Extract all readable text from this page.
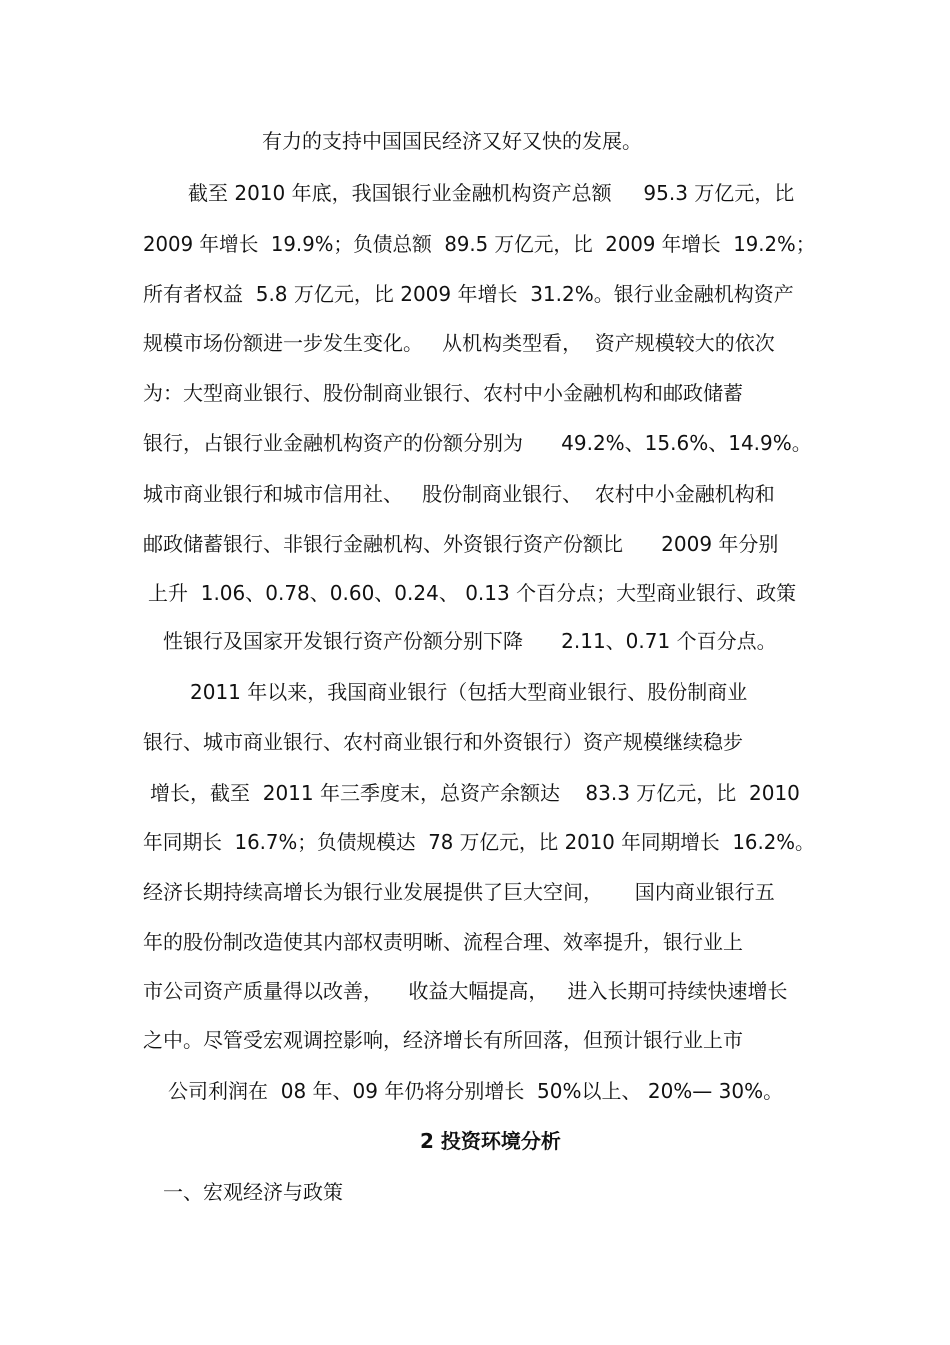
有力的支持中国国民经济又好又快的发展。
截至 2010 年底，我国银行业金融机构资产总额     95.3 万亿元，比
2009 年增长  19.9%；负债总额  89.5 万亿元，比  2009 年增长  19.2%；
所有者权益  5.8 万亿元，比 2009 年增长  31.2%。银行业金融机构资产
规模市场份额进一步发生变化。   从机构类型看，  资产规模较大的依次
为：大型商业银行、股份制商业银行、农村中小金融机构和邮政储蓄
银行，占银行业金融机构资产的份额分别为      49.2%、15.6%、14.9%。
城市商业银行和城市信用社、   股份制商业银行、  农村中小金融机构和
邮政储蓄银行、非银行金融机构、外资银行资产份额比      2009 年分别
上升  1.06、0.78、0.60、0.24、 0.13 个百分点；大型商业银行、政策
性银行及国家开发银行资产份额分别下降      2.11、0.71 个百分点。
2011 年以来，我国商业银行（包括大型商业银行、股份制商业
银行、城市商业银行、农村商业银行和外资银行）资产规模继续稳步
增长，截至  2011 年三季度末，总资产余额达    83.3 万亿元，比  2010
年同期长  16.7%；负债规模达  78 万亿元，比 2010 年同期增长  16.2%。
经济长期持续高增长为银行业发展提供了巨大空间，     国内商业银行五
年的股份制改造使其内部权责明晰、流程合理、效率提升，银行业上
市公司资产质量得以改善，    收益大幅提高，   进入长期可持续快速增长
之中。尽管受宏观调控影响，经济增长有所回落，但预计银行业上市
公司利润在  08 年、09 年仍将分别增长  50%以上、 20%— 30%。
2 投资环境分析
一、宏观经济与政策
